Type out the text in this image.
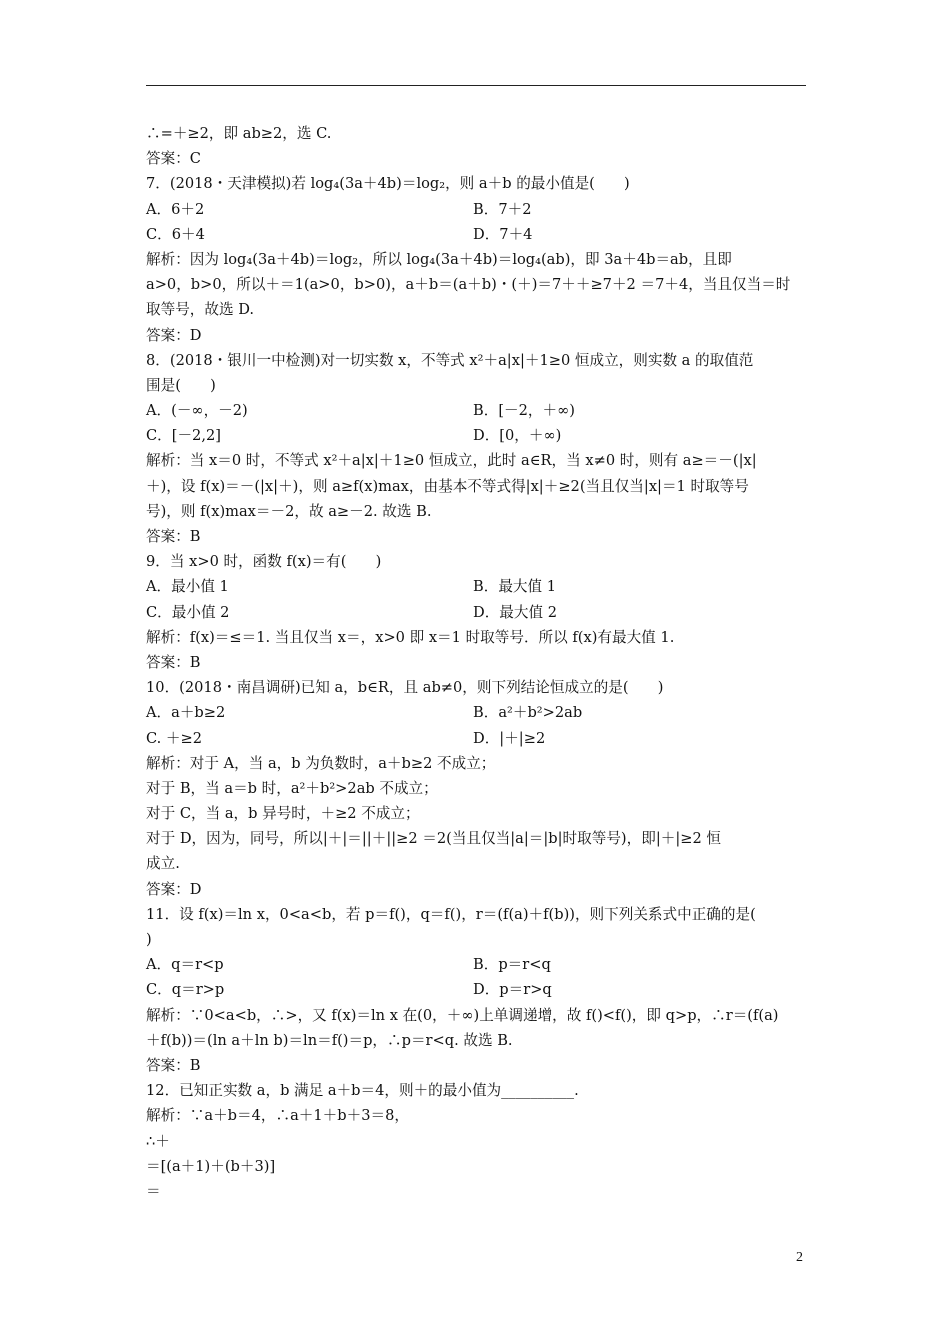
∴=＋≥2，即 ab≥2，选 C.
答案：C
7．(2018・天津模拟)若 log₄(3a＋4b)＝log₂，则 a＋b 的最小值是(　　)
A．6＋2	B．7＋2
C．6＋4	D．7＋4
解析：因为 log₄(3a＋4b)＝log₂，所以 log₄(3a＋4b)＝log₄(ab)，即 3a＋4b＝ab，且即
a>0，b>0，所以＋＝1(a>0，b>0)，a＋b＝(a＋b)・(＋)＝7＋＋≥7＋2 ＝7＋4，当且仅当＝时
取等号，故选 D.
答案：D
8．(2018・银川一中检测)对一切实数 x，不等式 x²＋a|x|＋1≥0 恒成立，则实数 a 的取值范
围是(　　)
A．(－∞，－2)	B．[－2，＋∞)
C．[－2,2]	D．[0，＋∞)
解析：当 x＝0 时，不等式 x²＋a|x|＋1≥0 恒成立，此时 a∈R，当 x≠0 时，则有 a≥＝－(|x|
＋)，设 f(x)＝－(|x|＋)，则 a≥f(x)max，由基本不等式得|x|＋≥2(当且仅当|x|＝1 时取等号
号)，则 f(x)max＝－2，故 a≥－2. 故选 B.
答案：B
9．当 x>0 时，函数 f(x)＝有(　　)
A．最小值 1	B．最大值 1
C．最小值 2	D．最大值 2
解析：f(x)＝≤＝1. 当且仅当 x＝，x>0 即 x＝1 时取等号．所以 f(x)有最大值 1.
答案：B
10．(2018・南昌调研)已知 a，b∈R，且 ab≠0，则下列结论恒成立的是(　　)
A．a＋b≥2	B．a²＋b²>2ab
C. ＋≥2	D．|＋|≥2
解析：对于 A，当 a，b 为负数时，a＋b≥2 不成立；
对于 B，当 a＝b 时，a²＋b²>2ab 不成立；
对于 C，当 a，b 异号时，＋≥2 不成立；
对于 D，因为，同号，所以|＋|＝||＋||≥2 ＝2(当且仅当|a|＝|b|时取等号)，即|＋|≥2 恒
成立.
答案：D
11．设 f(x)＝ln x，0<a<b，若 p＝f()，q＝f()，r＝(f(a)＋f(b))，则下列关系式中正确的是(
)
A．q＝r<p	B．p＝r<q
C．q＝r>p	D．p＝r>q
解析：∵0<a<b，∴>，又 f(x)＝ln x 在(0，＋∞)上单调递增，故 f()<f()，即 q>p，∴r＝(f(a)
＋f(b))＝(ln a＋ln b)＝ln＝f()＝p，∴p＝r<q. 故选 B.
答案：B
12．已知正实数 a，b 满足 a＋b＝4，则＋的最小值为__________.
解析：∵a＋b＝4，∴a＋1＋b＋3＝8，
∴＋
＝[(a＋1)＋(b＋3)]
＝
2
